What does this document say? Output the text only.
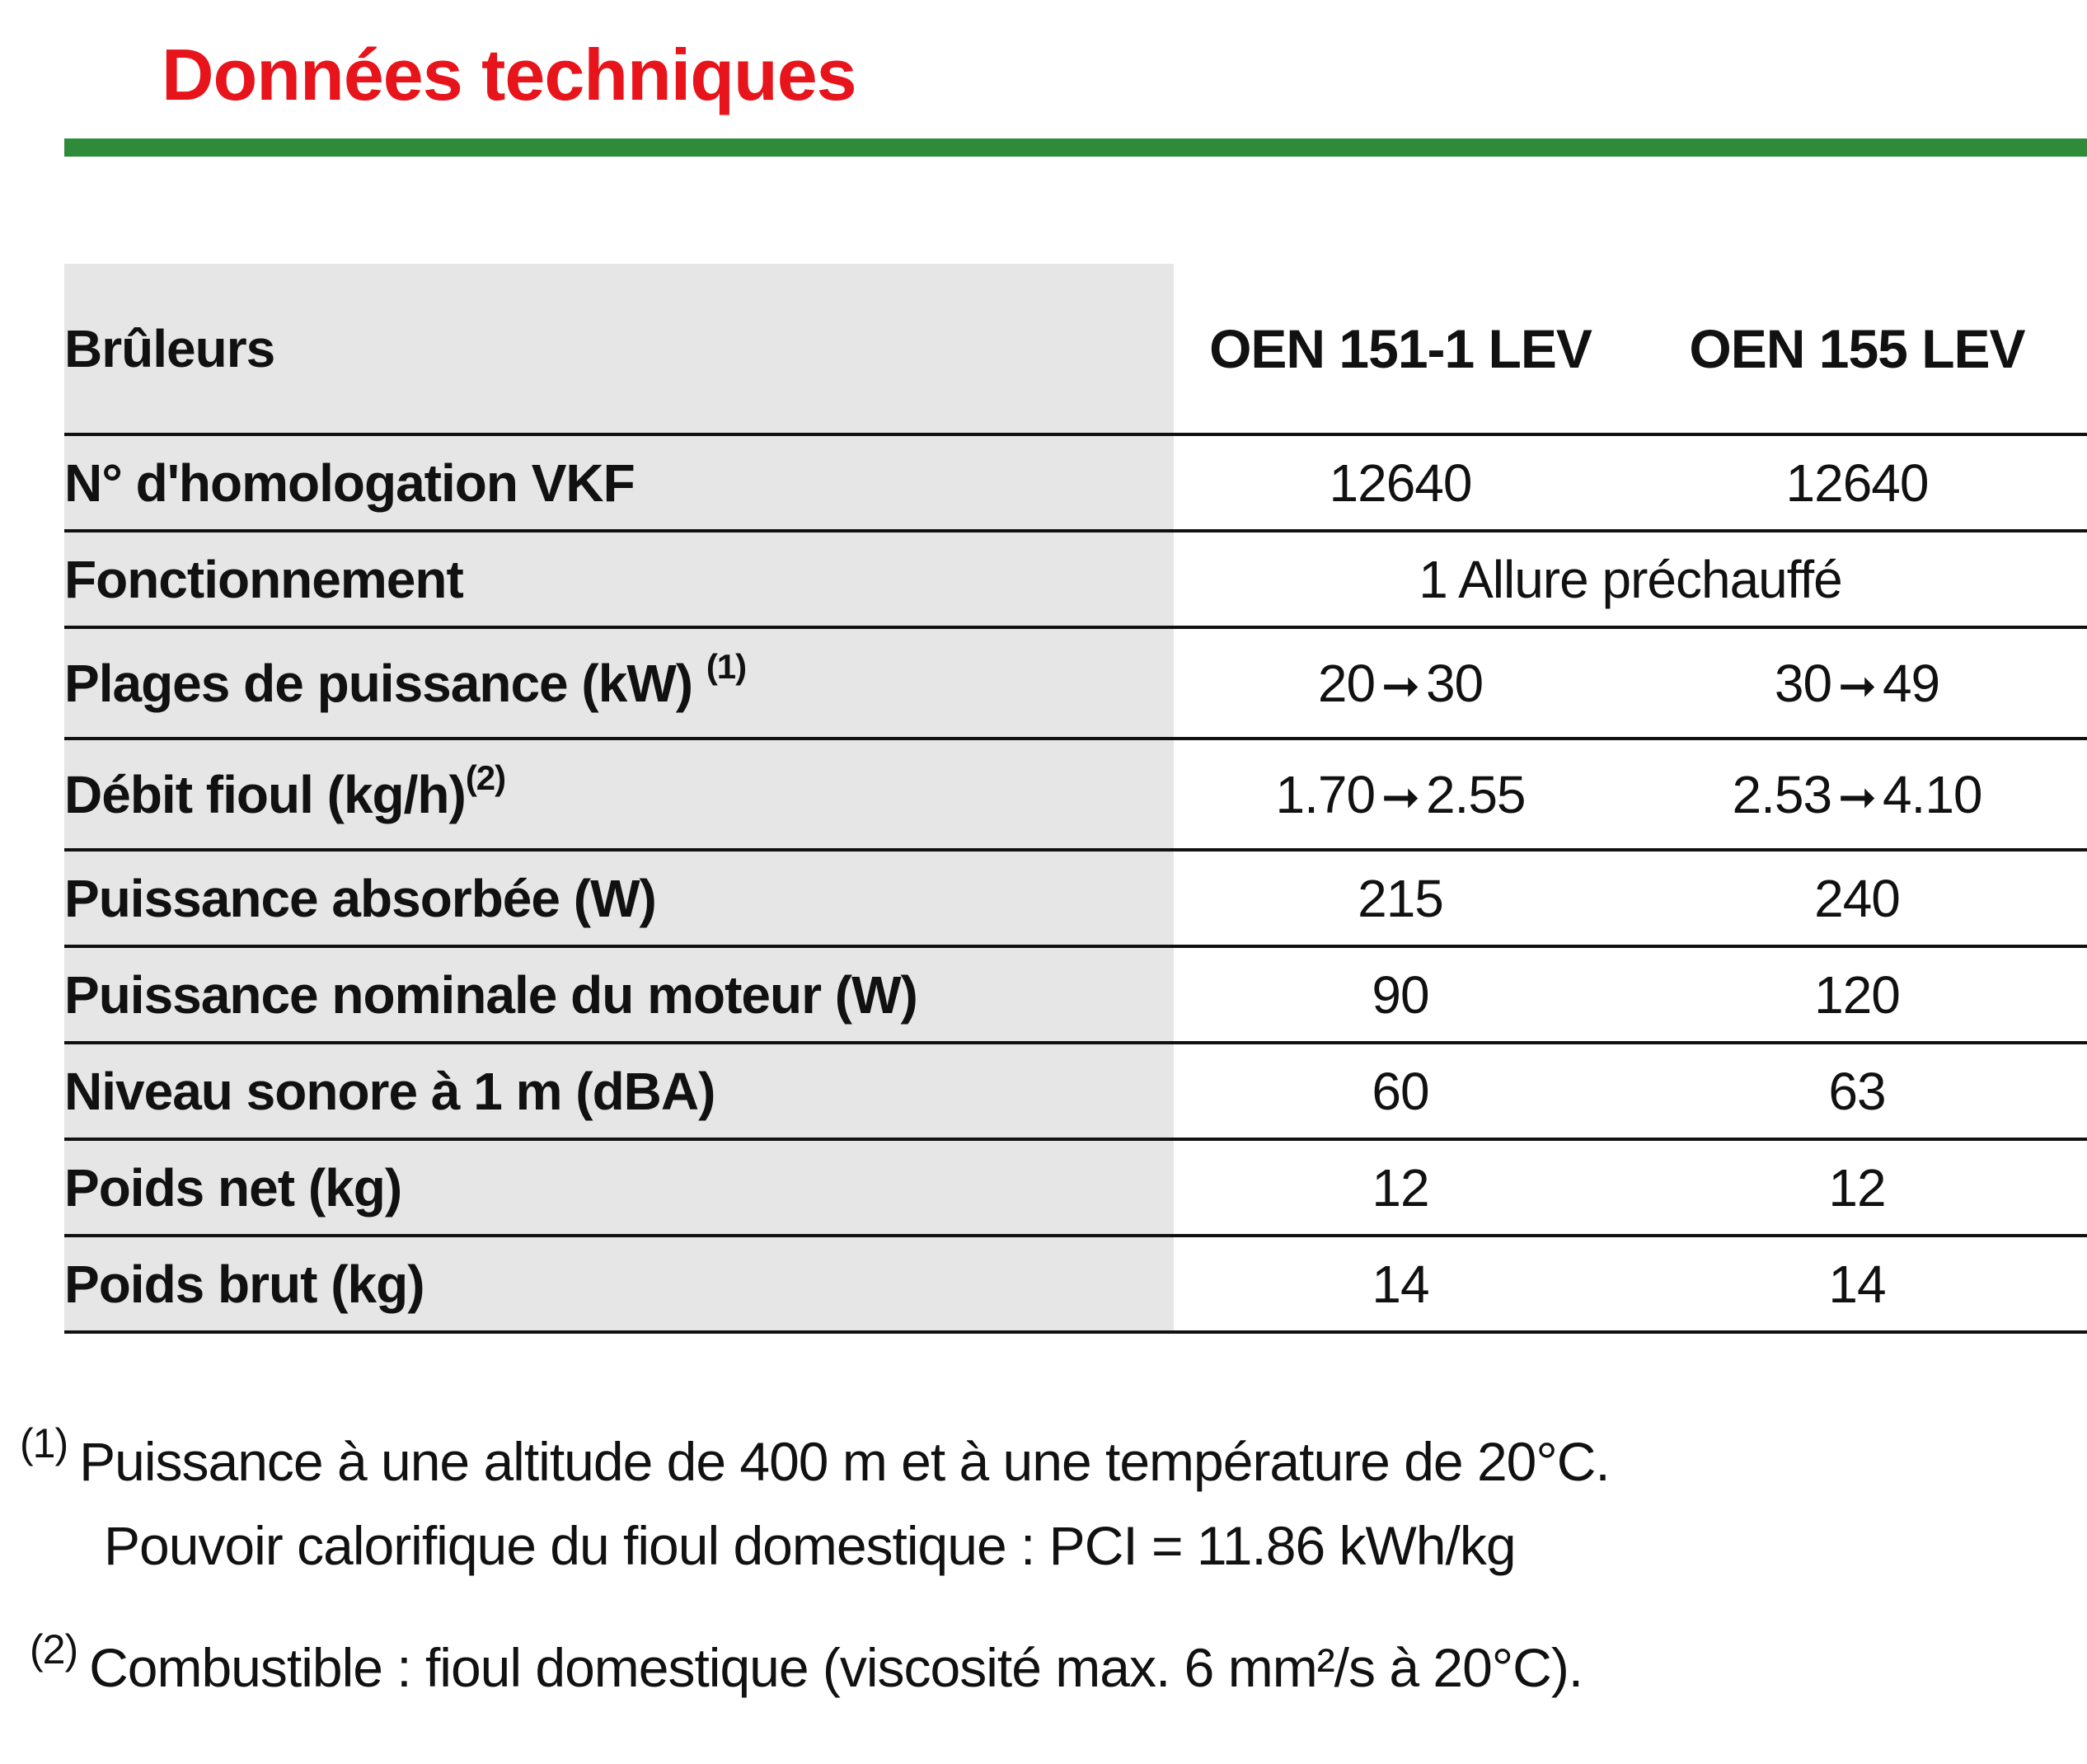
Données techniques
Brûleurs	OEN 151-1 LEV	OEN 155 LEV
N° d'homologation VKF	12640	12640
Fonctionnement	1 Allure préchauffé	
Plages de puissance (kW) $^{(1)}$	20 ➞ 30	30 ➞ 49
Débit fioul (kg/h)$^{(2)}$	1.70 ➞ 2.55	2.53 ➞ 4.10
Puissance absorbée (W)	215	240
Puissance nominale du moteur (W)	90	120
Niveau sonore à 1 m (dBA)	60	63
Poids net (kg)	12	12
Poids brut (kg)	14	14
$^{(1)}$ Puissance à une altitude de 400 m et à une température de 20°C.
Pouvoir calorifique du fioul domestique : PCI = 11.86 kWh/kg
$^{(2)}$ Combustible : fioul domestique (viscosité max. 6 mm²/s à 20°C).
